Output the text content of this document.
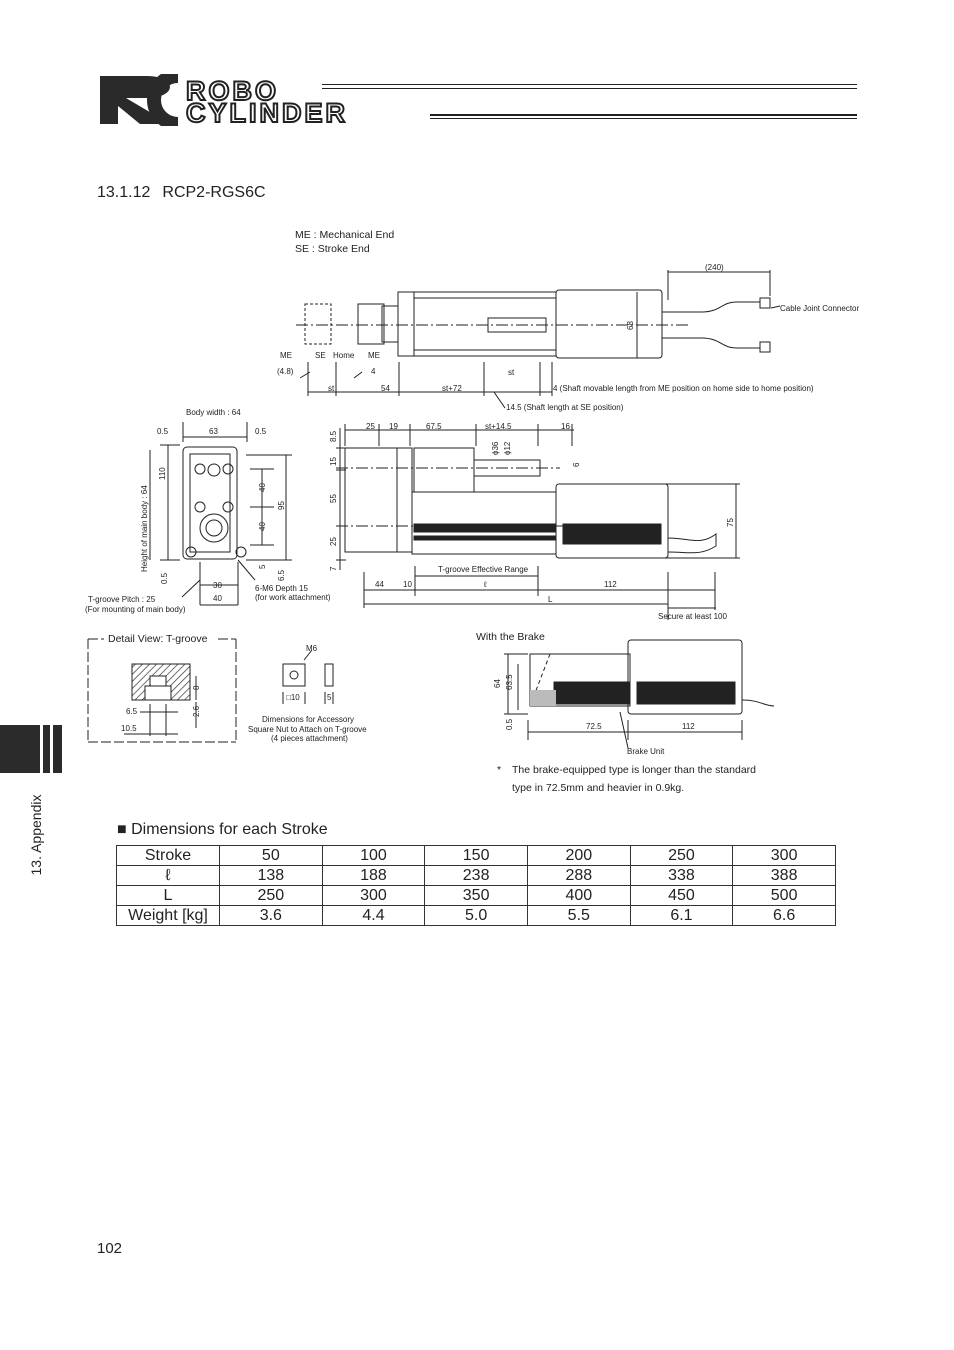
ROBO
CYLINDER
13.1.12 RCP2-RGS6C
ME : Mechanical End
SE : Stroke End
(240)
Cable Joint Connector
68
ME	SE Home ME
(4.8)	4	st
st	54	st+72	4 (Shaft movable length from ME position on home side to home position)
14.5 (Shaft length at SE position)
Body width : 64
0.5	63	0.5
110
Height of main body : 64
0.5
40
95
40
5
6.5
30
40
6-M6 Depth 15
(for work attachment)
T-groove Pitch : 25
(For mounting of main body)
25 19	67.5	st+14.5	16
ϕ36 ϕ12
6
8.5
15
55
25
7
75
T-groove Effective Range
44 10	ℓ	112
L
Secure at least 100
2.6
8
6.5
10.5
M6
□10	5
Dimensions for Accessory
Square Nut to Attach on T-groove
(4 pieces attachment)
64 63.5
0.5	72.5	112
Brake Unit
Detail View: T-groove	With the Brake
* The brake-equipped type is longer than the standard
type in 72.5mm and heavier in 0.9kg.
13. Appendix	■ Dimensions for each Stroke
Stroke	50	100	150	200	250	300
ℓ	138	188	238	288	338	388
L	250	300	350	400	450	500
Weight [kg]	3.6	4.4	5.0	5.5	6.1	6.6
102
